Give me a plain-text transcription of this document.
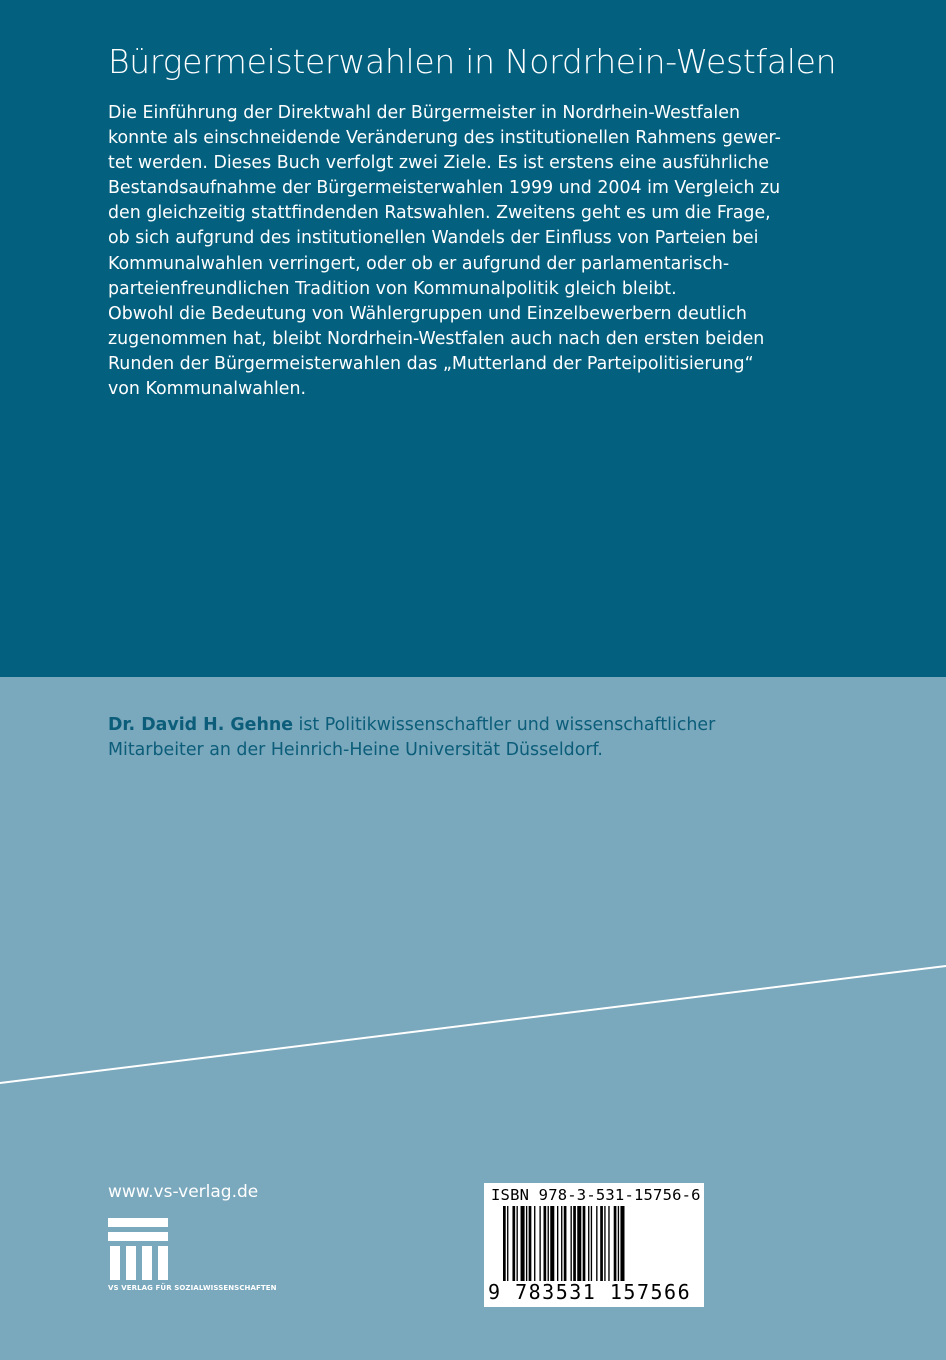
Bürgermeisterwahlen in Nordrhein-Westfalen

Die Einführung der Direktwahl der Bürgermeister in Nordrhein-Westfalen

konnte als einschneidende Veränderung des institutionellen Rahmens gewer-

tet werden. Dieses Buch verfolgt zwei Ziele. Es ist erstens eine ausführliche

Bestandsaufnahme der Bürgermeisterwahlen 1999 und 2004 im Vergleich zu

den gleichzeitig stattfindenden Ratswahlen. Zweitens geht es um die Frage,

ob sich aufgrund des institutionellen Wandels der Einfluss von Parteien bei

Kommunalwahlen verringert, oder ob er aufgrund der parlamentarisch-

parteienfreundlichen Tradition von Kommunalpolitik gleich bleibt.

Obwohl die Bedeutung von Wählergruppen und Einzelbewerbern deutlich

zugenommen hat, bleibt Nordrhein-Westfalen auch nach den ersten beiden

Runden der Bürgermeisterwahlen das „Mutterland der Parteipolitisierung“

von Kommunalwahlen.

Dr. David H. Gehne ist Politikwissenschaftler und wissenschaftlicher

Mitarbeiter an der Heinrich-Heine Universität Düsseldorf.

www.vs-verlag.de
VS VERLAG FÜR SOZIALWISSENSCHAFTEN
ISBN 978-3-531-15756-6
9 783531 157566
